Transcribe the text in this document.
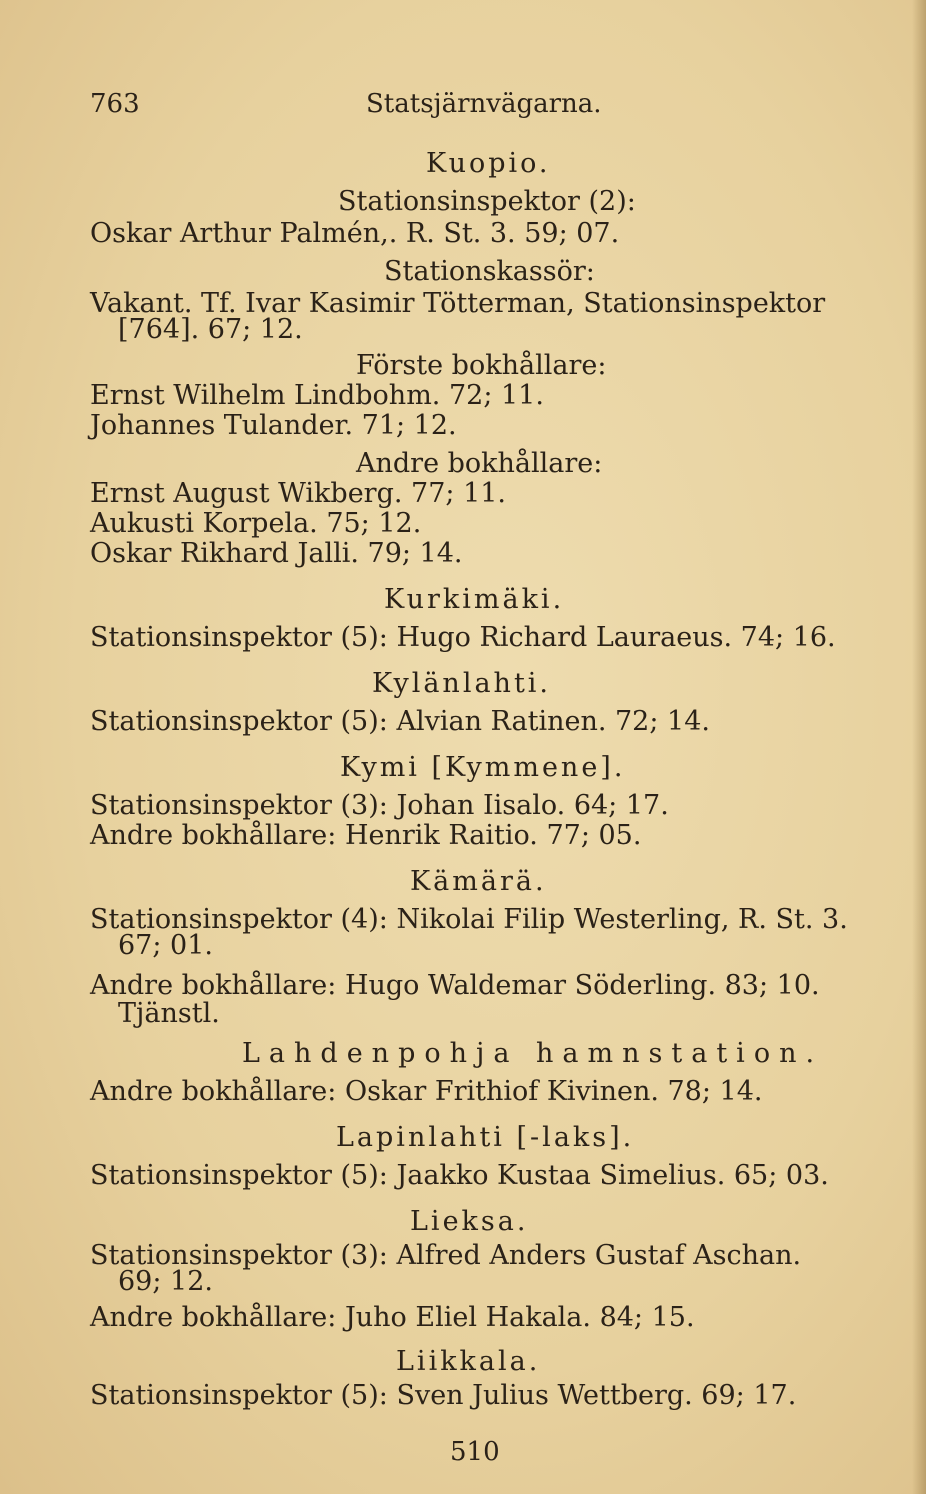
763	Statsjärnvägarna.
Kuopio.
Stationsinspektor (2):
Oskar Arthur Palmén,. R. St. 3. 59; 07.
Stationskassör:
Vakant. Tf. Ivar Kasimir Tötterman, Stationsinspektor
[764]. 67; 12.
Förste bokhållare:
Ernst Wilhelm Lindbohm. 72; 11.
Johannes Tulander. 71; 12.
Andre bokhållare:
Ernst August Wikberg. 77; 11.
Aukusti Korpela. 75; 12.
Oskar Rikhard Jalli. 79; 14.
Kurkimäki.
Stationsinspektor (5): Hugo Richard Lauraeus. 74; 16.
Kylänlahti.
Stationsinspektor (5): Alvian Ratinen. 72; 14.
Kymi [Kymmene].
Stationsinspektor (3): Johan Iisalo. 64; 17.
Andre bokhållare: Henrik Raitio. 77; 05.
Kämärä.
Stationsinspektor (4): Nikolai Filip Westerling, R. St. 3.
67; 01.
Andre bokhållare: Hugo Waldemar Söderling. 83; 10.
Tjänstl.
Lahdenpohja hamnstation.
Andre bokhållare: Oskar Frithiof Kivinen. 78; 14.
Lapinlahti [-laks].
Stationsinspektor (5): Jaakko Kustaa Simelius. 65; 03.
Lieksa.
Stationsinspektor (3): Alfred Anders Gustaf Aschan.
69; 12.
Andre bokhållare: Juho Eliel Hakala. 84; 15.
Liikkala.
Stationsinspektor (5): Sven Julius Wettberg. 69; 17.
510
